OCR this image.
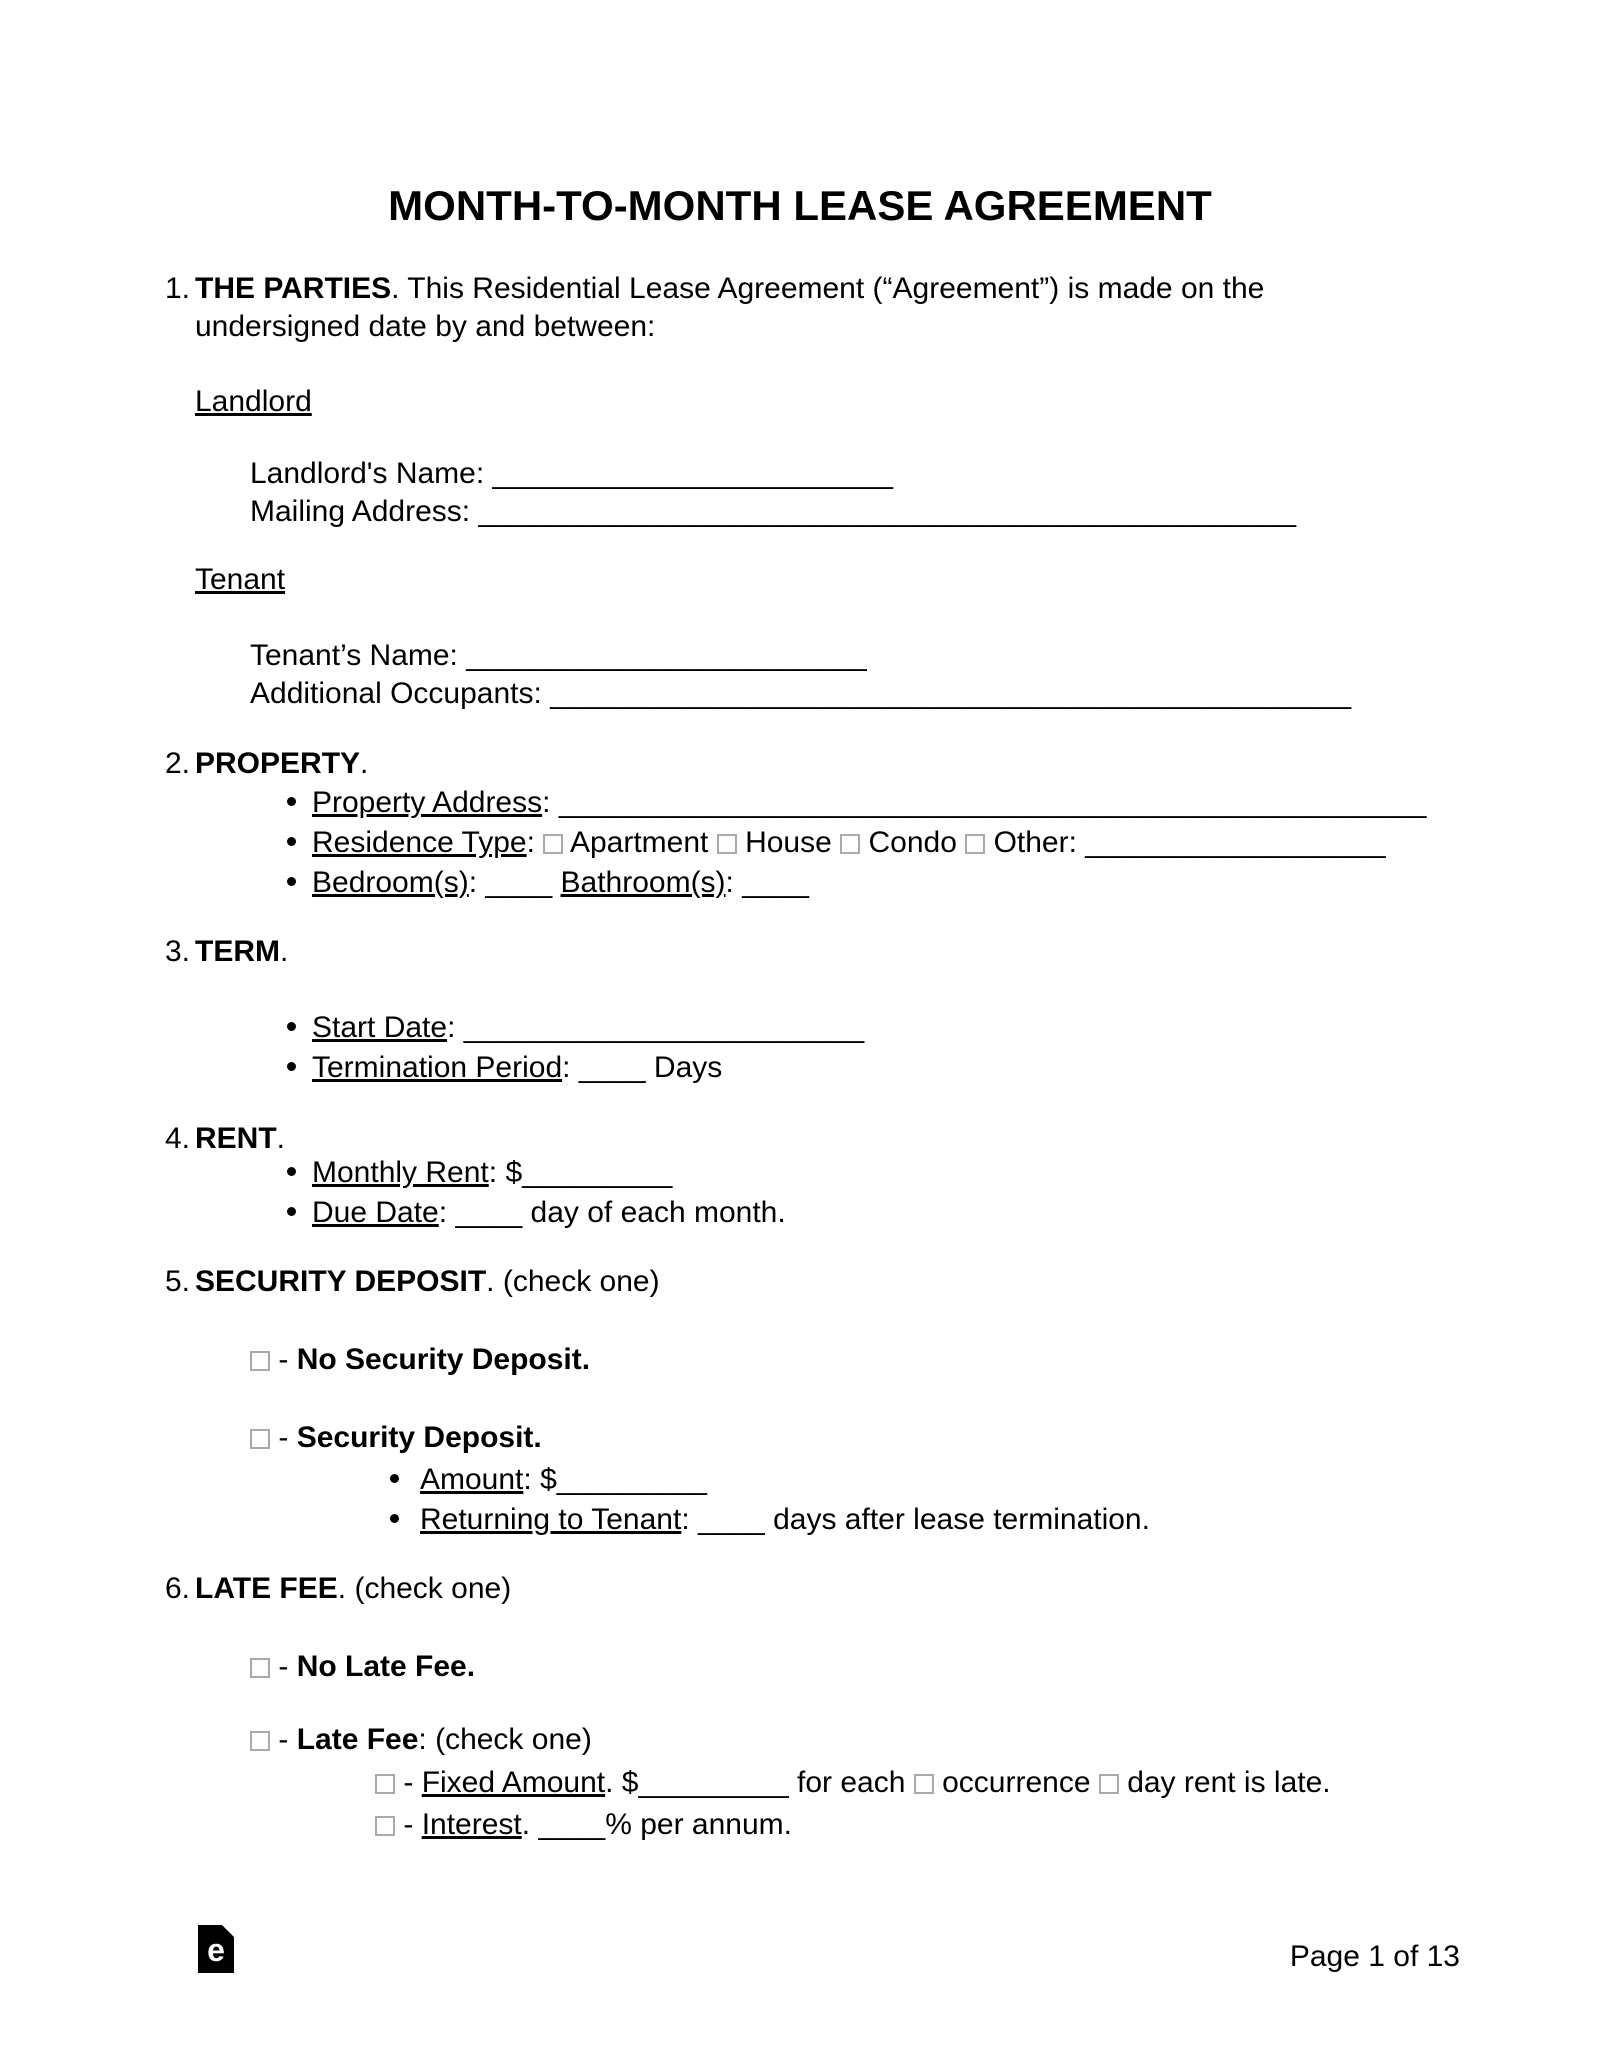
MONTH-TO-MONTH LEASE AGREEMENT
1. THE PARTIES. This Residential Lease Agreement (“Agreement”) is made on the
undersigned date by and between:
Landlord
Landlord's Name: ________________________
Mailing Address: _________________________________________________
Tenant
Tenant’s Name: ________________________
Additional Occupants: ________________________________________________
2. PROPERTY.
Property Address: ____________________________________________________
Residence Type: Apartment House Condo Other: __________________
Bedroom(s): ____ Bathroom(s): ____
3. TERM.
Start Date: ________________________
Termination Period: ____ Days
4. RENT.
Monthly Rent: $_________
Due Date: ____ day of each month.
5. SECURITY DEPOSIT. (check one)
- No Security Deposit.
- Security Deposit.
Amount: $_________
Returning to Tenant: ____ days after lease termination.
6. LATE FEE. (check one)
- No Late Fee.
- Late Fee: (check one)
- Fixed Amount. $_________ for each occurrence day rent is late.
- Interest. ____% per annum.
e	Page 1 of 13
